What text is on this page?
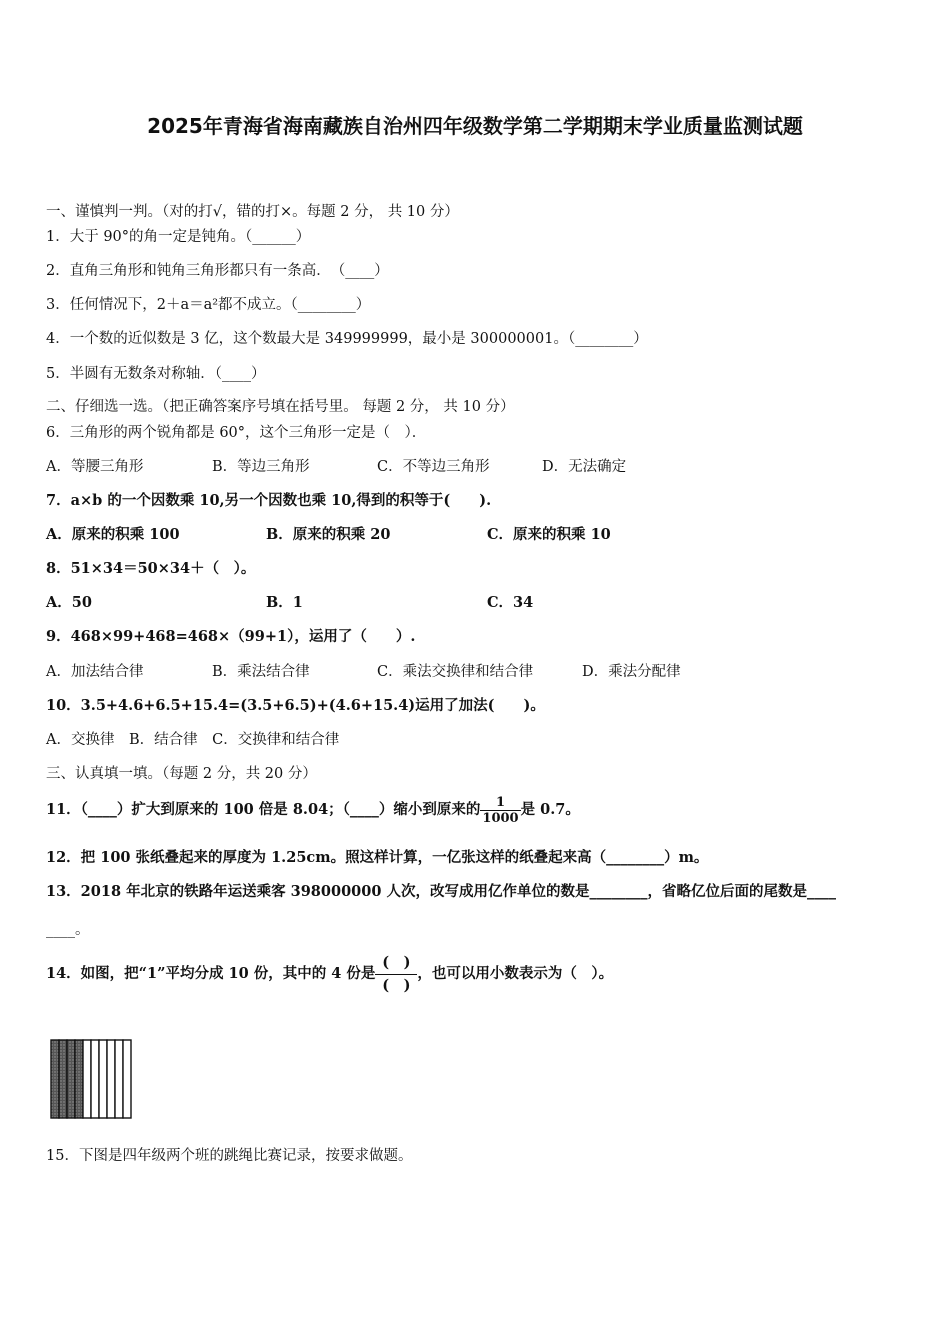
2025年青海省海南藏族自治州四年级数学第二学期期末学业质量监测试题
一、谨慎判一判。（对的打√，错的打×。每题 2 分， 共 10 分）
1．大于 90°的角一定是钝角。（______）
2．直角三角形和钝角三角形都只有一条高．　（____）
3．任何情况下，2＋a＝a²都不成立。（________）
4．一个数的近似数是 3 亿，这个数最大是 349999999，最小是 300000001。（________）
5．半圆有无数条对称轴．（____）
二、仔细选一选。（把正确答案序号填在括号里。 每题 2 分， 共 10 分）
6．三角形的两个锐角都是 60°，这个三角形一定是（　）．
A．等腰三角形	B．等边三角形	C．不等边三角形	D．无法确定
7．a×b 的一个因数乘 10,另一个因数也乘 10,得到的积等于(　　).
A．原来的积乘 100	B．原来的积乘 20	C．原来的积乘 10
8．51×34＝50×34＋（　）。
A．50	B．1	C．34
9．468×99+468=468×（99+1），运用了（　　）.
A．加法结合律	B．乘法结合律	C．乘法交换律和结合律	D．乘法分配律
10．3.5+4.6+6.5+15.4=(3.5+6.5)+(4.6+15.4)运用了加法(　　)。
A．交换律　B．结合律　C．交换律和结合律
三、认真填一填。（每题 2 分，共 20 分）
11．（____）扩大到原来的 100 倍是 8.04；（____）缩小到原来的 $\frac{1}{1000}$ 是 0.7。
12．把 100 张纸叠起来的厚度为 1.25cm。照这样计算，一亿张这样的纸叠起来高（________）m。
13．2018 年北京的铁路年运送乘客 398000000 人次，改写成用亿作单位的数是________，省略亿位后面的尾数是____
____。
14．如图，把“1”平均分成 10 份，其中的 4 份是 $\frac{( )}{( )}$ ，也可以用小数表示为（　）。
15．下图是四年级两个班的跳绳比赛记录，按要求做题。
